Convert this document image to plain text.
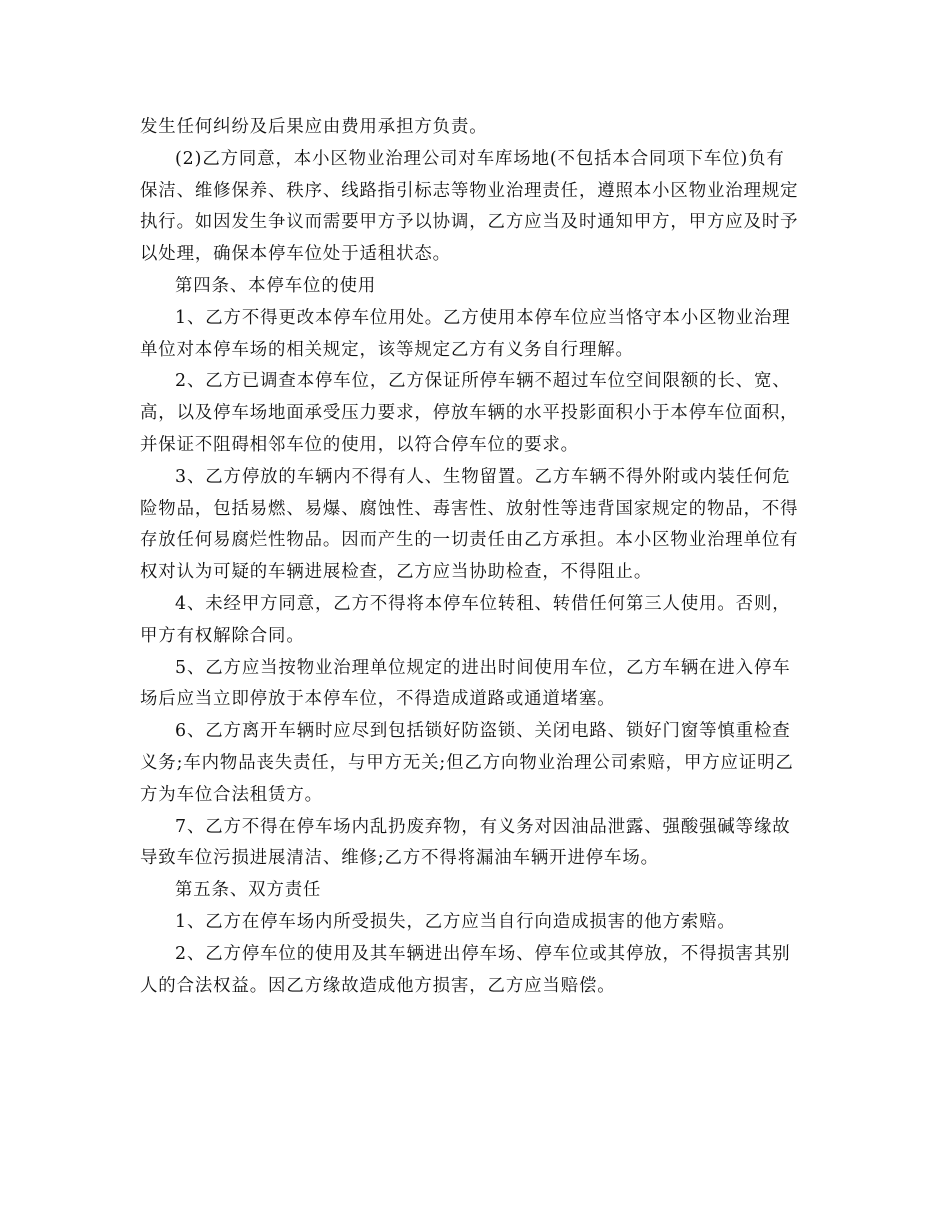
发生任何纠纷及后果应由费用承担方负责。
(2)乙方同意，本小区物业治理公司对车库场地(不包括本合同项下车位)负有
保洁、维修保养、秩序、线路指引标志等物业治理责任，遵照本小区物业治理规定
执行。如因发生争议而需要甲方予以协调，乙方应当及时通知甲方，甲方应及时予
以处理，确保本停车位处于适租状态。
第四条、本停车位的使用
1、乙方不得更改本停车位用处。乙方使用本停车位应当恪守本小区物业治理
单位对本停车场的相关规定，该等规定乙方有义务自行理解。
2、乙方已调查本停车位，乙方保证所停车辆不超过车位空间限额的长、宽、
高，以及停车场地面承受压力要求，停放车辆的水平投影面积小于本停车位面积，
并保证不阻碍相邻车位的使用，以符合停车位的要求。
3、乙方停放的车辆内不得有人、生物留置。乙方车辆不得外附或内装任何危
险物品，包括易燃、易爆、腐蚀性、毒害性、放射性等违背国家规定的物品，不得
存放任何易腐烂性物品。因而产生的一切责任由乙方承担。本小区物业治理单位有
权对认为可疑的车辆进展检查，乙方应当协助检查，不得阻止。
4、未经甲方同意，乙方不得将本停车位转租、转借任何第三人使用。否则，
甲方有权解除合同。
5、乙方应当按物业治理单位规定的进出时间使用车位，乙方车辆在进入停车
场后应当立即停放于本停车位，不得造成道路或通道堵塞。
6、乙方离开车辆时应尽到包括锁好防盗锁、关闭电路、锁好门窗等慎重检查
义务;车内物品丧失责任，与甲方无关;但乙方向物业治理公司索赔，甲方应证明乙
方为车位合法租赁方。
7、乙方不得在停车场内乱扔废弃物，有义务对因油品泄露、强酸强碱等缘故
导致车位污损进展清洁、维修;乙方不得将漏油车辆开进停车场。
第五条、双方责任
1、乙方在停车场内所受损失，乙方应当自行向造成损害的他方索赔。
2、乙方停车位的使用及其车辆进出停车场、停车位或其停放，不得损害其别
人的合法权益。因乙方缘故造成他方损害，乙方应当赔偿。
